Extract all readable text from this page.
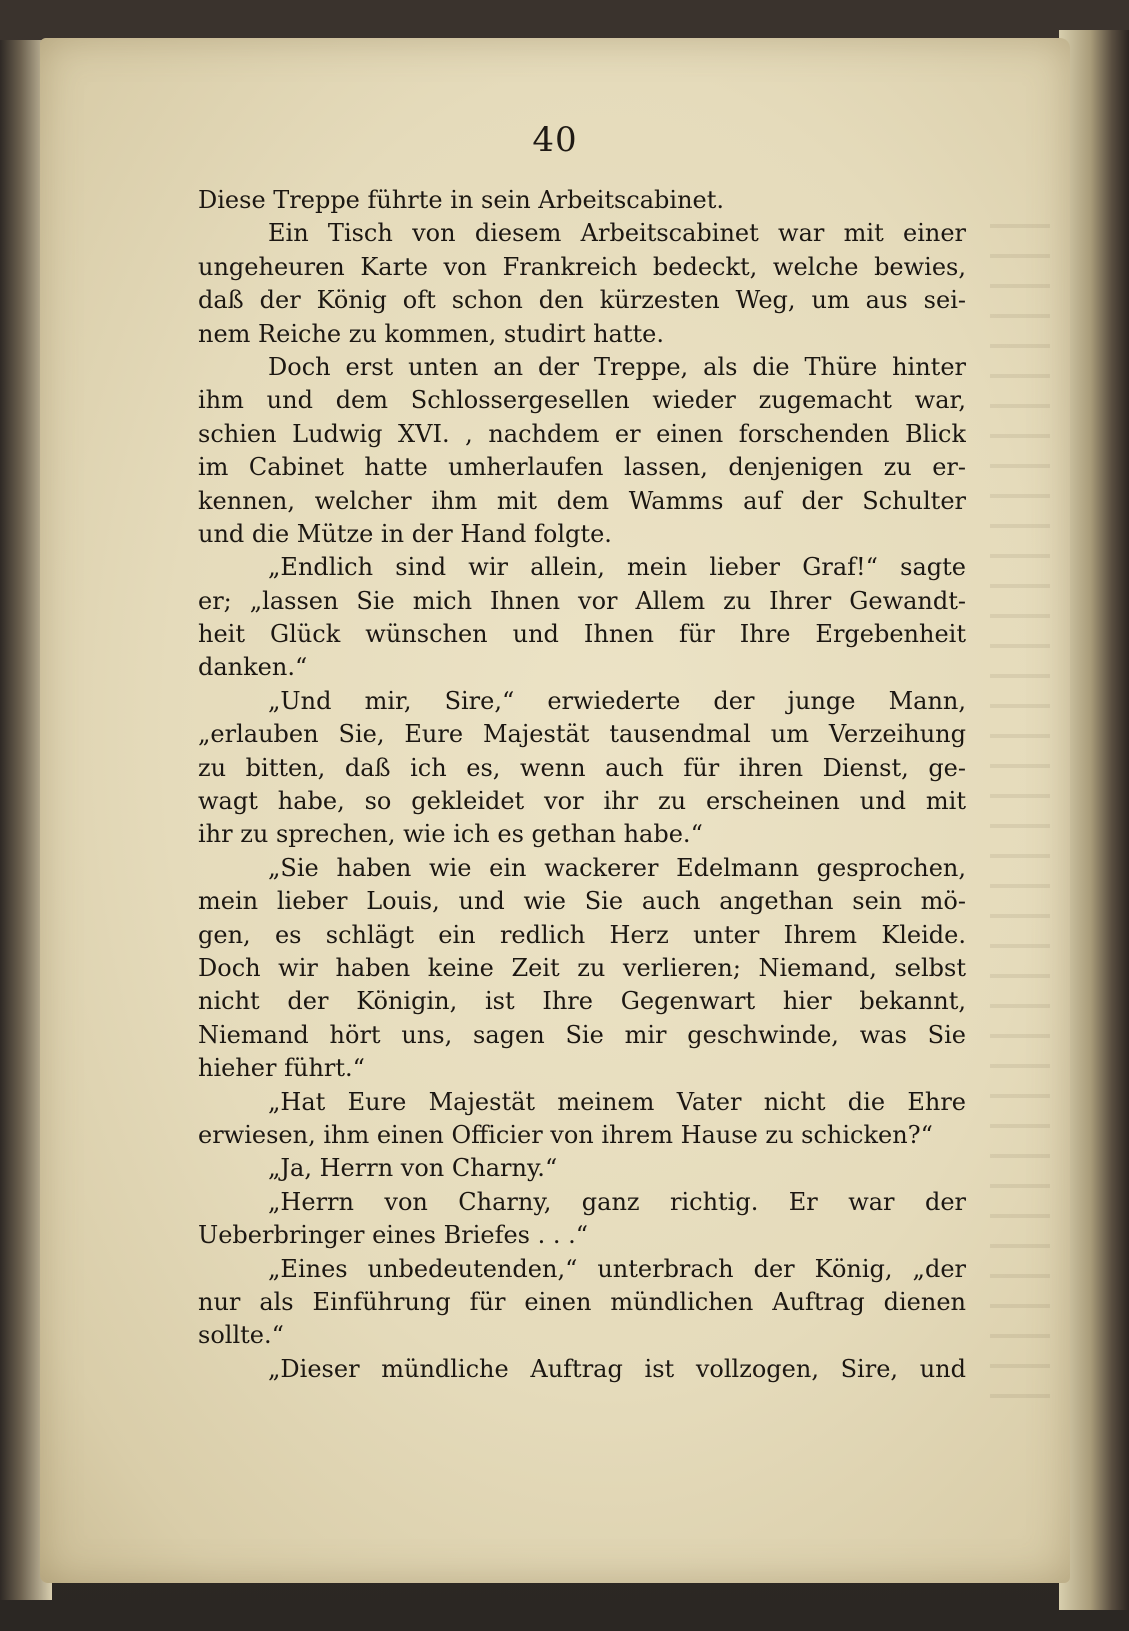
40
Diese Treppe führte in sein Arbeitscabinet.
Ein Tisch von diesem Arbeitscabinet war mit einer
ungeheuren Karte von Frankreich bedeckt, welche bewies,
daß der König oft schon den kürzesten Weg, um aus sei-
nem Reiche zu kommen, studirt hatte.
Doch erst unten an der Treppe, als die Thüre hinter
ihm und dem Schlossergesellen wieder zugemacht war,
schien Ludwig XVI. , nachdem er einen forschenden Blick
im Cabinet hatte umherlaufen lassen, denjenigen zu er-
kennen, welcher ihm mit dem Wamms auf der Schulter
und die Mütze in der Hand folgte.
„Endlich sind wir allein, mein lieber Graf!“ sagte
er; „lassen Sie mich Ihnen vor Allem zu Ihrer Gewandt-
heit Glück wünschen und Ihnen für Ihre Ergebenheit
danken.“
„Und mir, Sire,“ erwiederte der junge Mann,
„erlauben Sie, Eure Majestät tausendmal um Verzeihung
zu bitten, daß ich es, wenn auch für ihren Dienst, ge-
wagt habe, so gekleidet vor ihr zu erscheinen und mit
ihr zu sprechen, wie ich es gethan habe.“
„Sie haben wie ein wackerer Edelmann gesprochen,
mein lieber Louis, und wie Sie auch angethan sein mö-
gen, es schlägt ein redlich Herz unter Ihrem Kleide.
Doch wir haben keine Zeit zu verlieren; Niemand, selbst
nicht der Königin, ist Ihre Gegenwart hier bekannt,
Niemand hört uns, sagen Sie mir geschwinde, was Sie
hieher führt.“
„Hat Eure Majestät meinem Vater nicht die Ehre
erwiesen, ihm einen Officier von ihrem Hause zu schicken?“
„Ja, Herrn von Charny.“
„Herrn von Charny, ganz richtig. Er war der
Ueberbringer eines Briefes . . .“
„Eines unbedeutenden,“ unterbrach der König, „der
nur als Einführung für einen mündlichen Auftrag dienen
sollte.“
„Dieser mündliche Auftrag ist vollzogen, Sire, und
